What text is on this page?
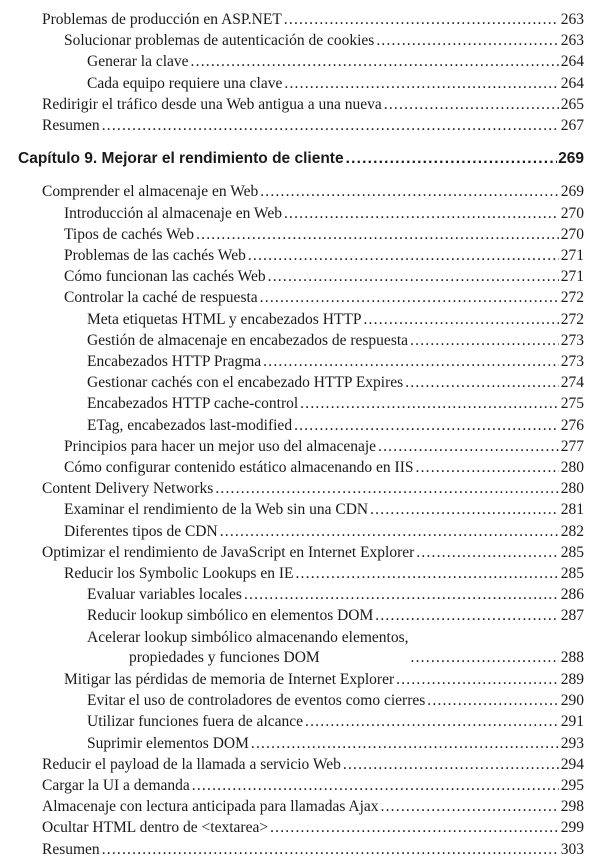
Problemas de producción en ASP.NET .....	263
Solucionar problemas de autenticación de cookies .....	263
Generar la clave .....	264
Cada equipo requiere una clave .....	264
Redirigir el tráfico desde una Web antigua a una nueva .....	265
Resumen .....	267
Capítulo 9. Mejorar el rendimiento de cliente .....	269
Comprender el almacenaje en Web .....	269
Introducción al almacenaje en Web .....	270
Tipos de cachés Web .....	270
Problemas de las cachés Web .....	271
Cómo funcionan las cachés Web .....	271
Controlar la caché de respuesta .....	272
Meta etiquetas HTML y encabezados HTTP .....	272
Gestión de almacenaje en encabezados de respuesta .....	273
Encabezados HTTP Pragma .....	273
Gestionar cachés con el encabezado HTTP Expires .....	274
Encabezados HTTP cache-control .....	275
ETag, encabezados last-modified .....	276
Principios para hacer un mejor uso del almacenaje .....	277
Cómo configurar contenido estático almacenando en IIS .....	280
Content Delivery Networks .....	280
Examinar el rendimiento de la Web sin una CDN .....	281
Diferentes tipos de CDN .....	282
Optimizar el rendimiento de JavaScript en Internet Explorer .....	285
Reducir los Symbolic Lookups en IE .....	285
Evaluar variables locales .....	286
Reducir lookup simbólico en elementos DOM .....	287
Acelerar lookup simbólico almacenando elementos,
propiedades y funciones DOM .....	288
Mitigar las pérdidas de memoria de Internet Explorer .....	289
Evitar el uso de controladores de eventos como cierres .....	290
Utilizar funciones fuera de alcance .....	291
Suprimir elementos DOM .....	293
Reducir el payload de la llamada a servicio Web .....	294
Cargar la UI a demanda .....	295
Almacenaje con lectura anticipada para llamadas Ajax .....	298
Ocultar HTML dentro de <textarea> .....	299
Resumen .....	303
